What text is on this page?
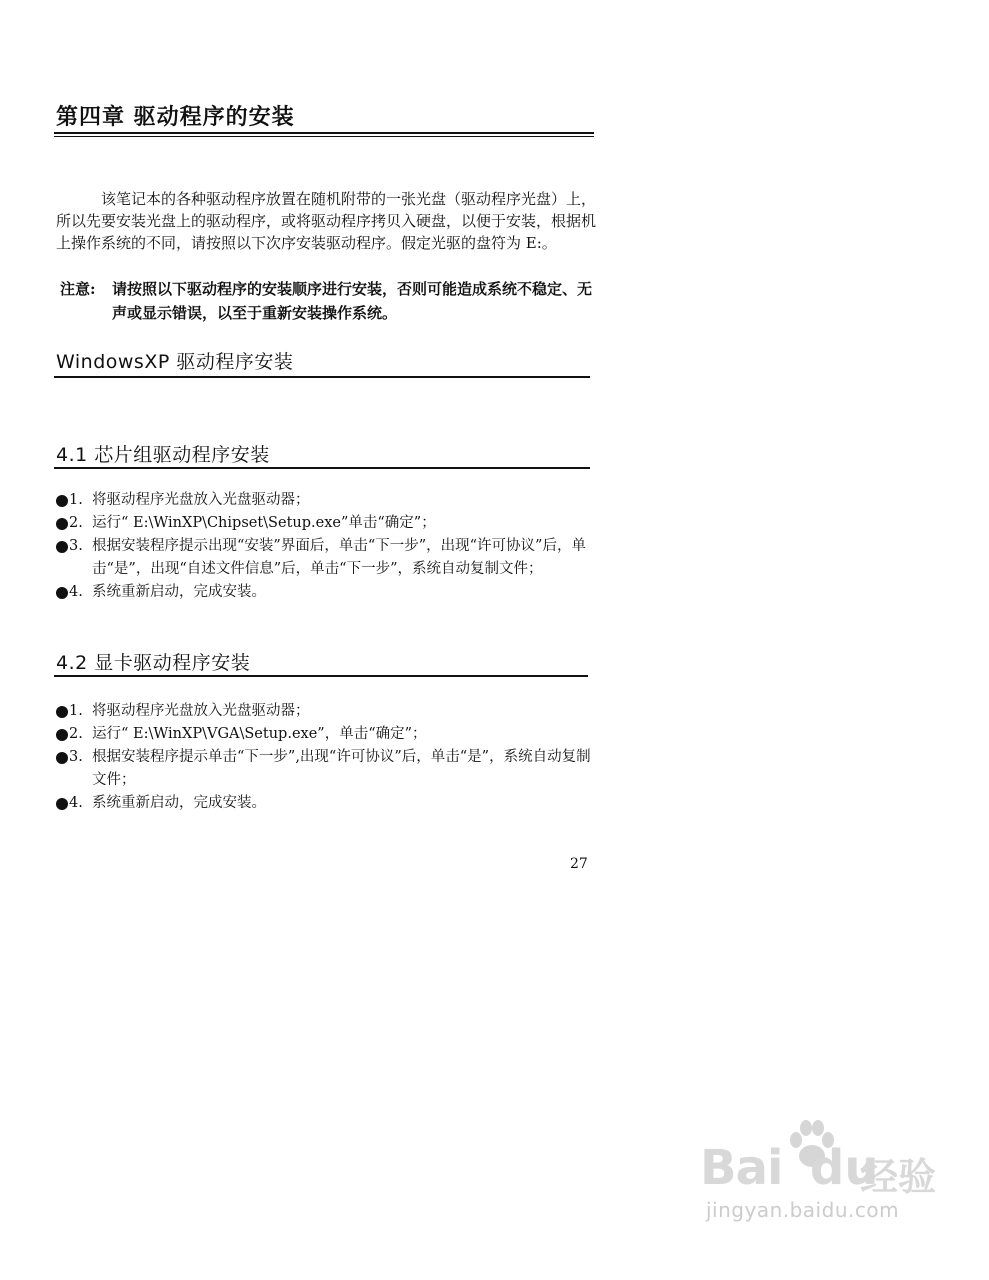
第四章 驱动程序的安装

该笔记本的各种驱动程序放置在随机附带的一张光盘（驱动程序光盘）上，所以先要安装光盘上的驱动程序，或将驱动程序拷贝入硬盘，以便于安装，根据机上操作系统的不同，请按照以下次序安装驱动程序。假定光驱的盘符为 E:。

注意:	请按照以下驱动程序的安装顺序进行安装，否则可能造成系统不稳定、无声或显示错误，以至于重新安装操作系统。
WindowsXP 驱动程序安装
4.1 芯片组驱动程序安装
1. 将驱动程序光盘放入光盘驱动器；
2. 运行“ E:\WinXP\Chipset\Setup.exe”单击“确定”；
3. 根据安装程序提示出现“安装”界面后，单击“下一步”，出现“许可协议”后，单击“是”，出现“自述文件信息”后，单击“下一步”，系统自动复制文件；
4. 系统重新启动，完成安装。
4.2 显卡驱动程序安装
1. 将驱动程序光盘放入光盘驱动器；
2. 运行“ E:\WinXP\VGA\Setup.exe”，单击“确定”；
3. 根据安装程序提示单击“下一步”,出现“许可协议”后，单击“是”，系统自动复制文件；
4. 系统重新启动，完成安装。
27
Bai du
经验
jingyan.baidu.com
